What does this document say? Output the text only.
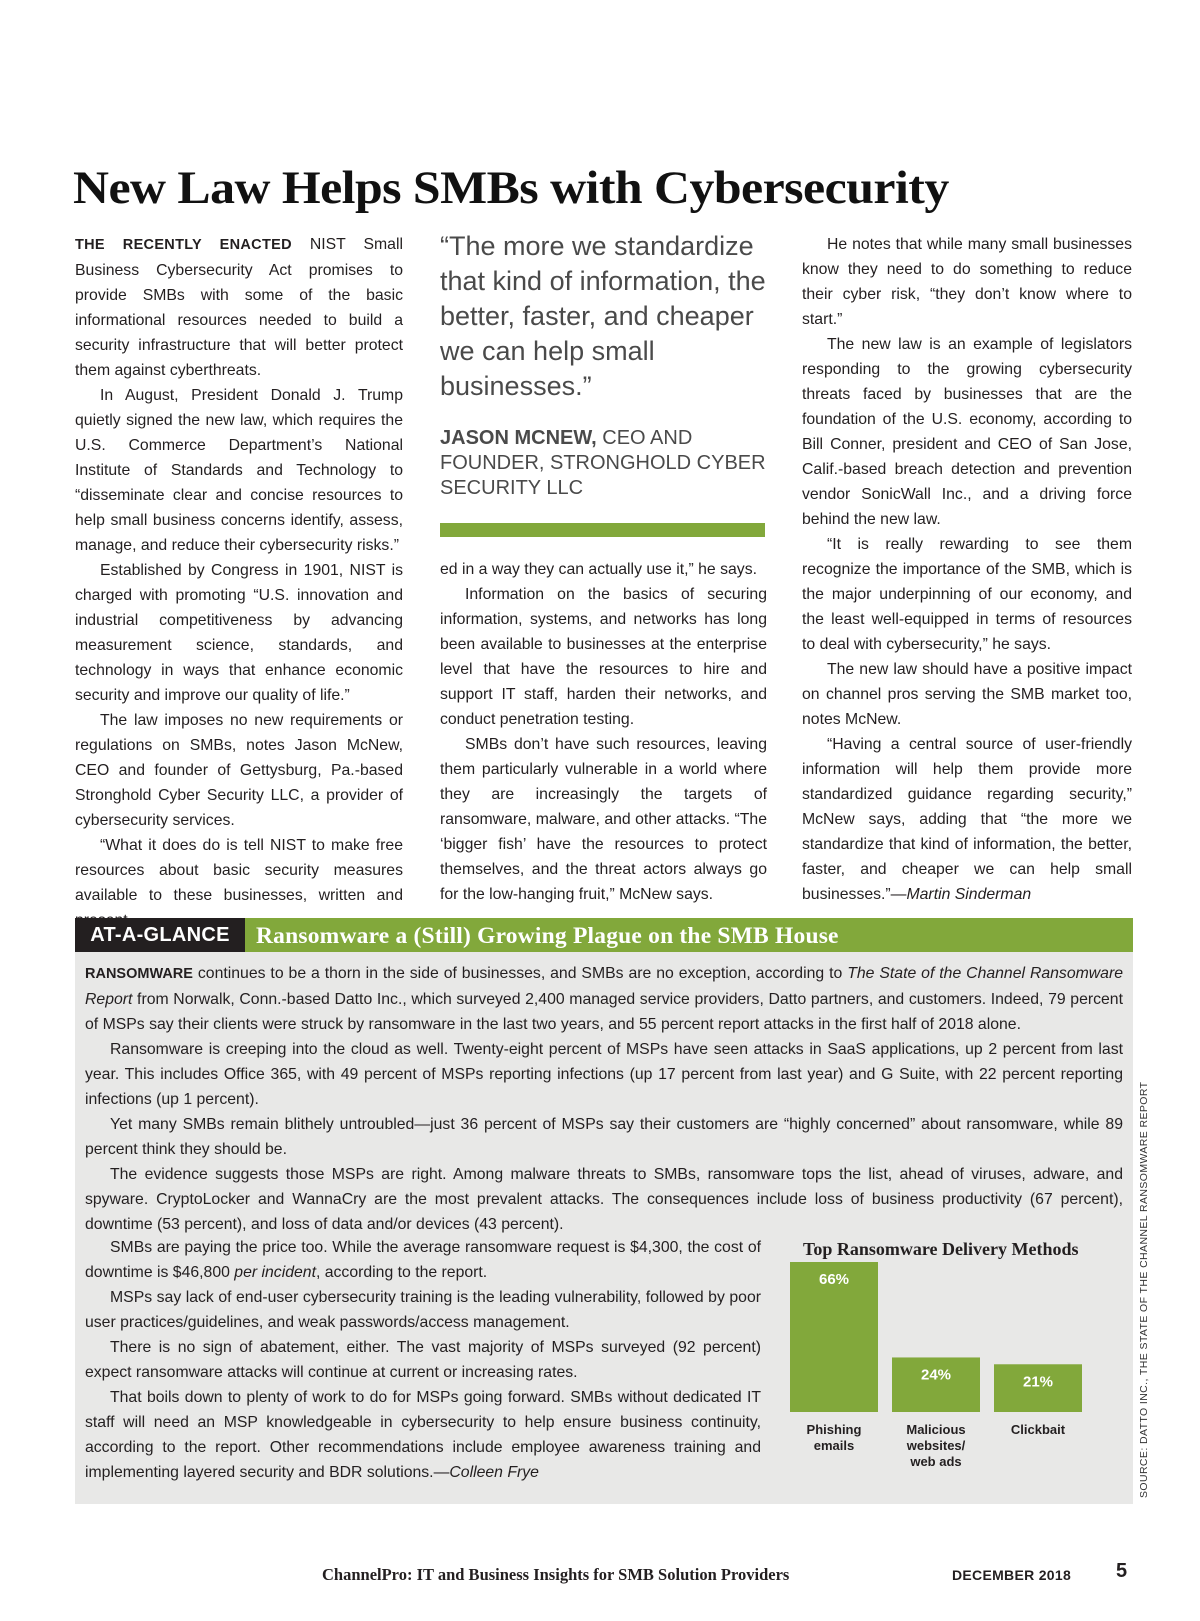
New Law Helps SMBs with Cybersecurity

THE RECENTLY ENACTED NIST Small Business Cybersecurity Act promises to provide SMBs with some of the basic informational resources needed to build a security infrastructure that will better protect them against cyberthreats.

In August, President Donald J. Trump quietly signed the new law, which requires the U.S. Commerce Department’s National Institute of Standards and Technology to “disseminate clear and concise resources to help small business concerns identify, assess, manage, and reduce their cybersecurity risks.”

Established by Congress in 1901, NIST is charged with promoting “U.S. innovation and industrial competitiveness by advancing measurement science, standards, and technology in ways that enhance economic security and improve our quality of life.”

The law imposes no new requirements or regulations on SMBs, notes Jason McNew, CEO and founder of Gettysburg, Pa.-based Stronghold Cyber Security LLC, a provider of cybersecurity services.

“What it does do is tell NIST to make free resources about basic security measures available to these businesses, written and

“The more we standardize that kind of information, the better, faster, and cheaper we can help small businesses.”
JASON MCNEW, CEO AND FOUNDER, STRONGHOLD CYBER SECURITY LLC

ed in a way they can actually use it,” he says.

Information on the basics of securing information, systems, and networks has long been available to businesses at the enterprise level that have the resources to hire and support IT staff, harden their networks, and conduct penetration testing.

SMBs don’t have such resources, leaving them particularly vulnerable in a world where they are increasingly the targets of ransomware, malware, and other attacks. “The ‘bigger fish’ have the resources to protect themselves, and the threat actors always go for the low-hanging fruit,” McNew says.

He notes that while many small businesses know they need to do something to reduce their cyber risk, “they don’t know where to start.”

The new law is an example of legislators responding to the growing cybersecurity threats faced by businesses that are the foundation of the U.S. economy, according to Bill Conner, president and CEO of San Jose, Calif.-based breach detection and prevention vendor SonicWall Inc., and a driving force behind the new law.

“It is really rewarding to see them recognize the importance of the SMB, which is the major underpinning of our economy, and the least well-equipped in terms of resources to deal with cybersecurity,” he says.

The new law should have a positive impact on channel pros serving the SMB market too, notes McNew.

“Having a central source of user-friendly information will help them provide more standardized guidance regarding security,” McNew says, adding that “the more we standardize that kind of information, the better, faster, and cheaper we can help small businesses.”—Martin Sinderman

AT-A-GLANCE	Ransomware a (Still) Growing Plague on the SMB House

RANSOMWARE continues to be a thorn in the side of businesses, and SMBs are no exception, according to The State of the Channel Ransomware Report from Norwalk, Conn.-based Datto Inc., which surveyed 2,400 managed service providers, Datto partners, and customers. Indeed, 79 percent of MSPs say their clients were struck by ransomware in the last two years, and 55 percent report attacks in the first half of 2018 alone.

Ransomware is creeping into the cloud as well. Twenty-eight percent of MSPs have seen attacks in SaaS applications, up 2 percent from last year. This includes Office 365, with 49 percent of MSPs reporting infections (up 17 percent from last year) and G Suite, with 22 percent reporting infections (up 1 percent).

Yet many SMBs remain blithely untroubled—just 36 percent of MSPs say their customers are “highly concerned” about ransomware, while 89 percent think they should be.

The evidence suggests those MSPs are right. Among malware threats to SMBs, ransomware tops the list, ahead of viruses, adware, and spyware. CryptoLocker and WannaCry are the most prevalent attacks. The consequences include loss of business productivity (67 percent), downtime (53 percent), and loss of data and/or devices (43 percent).

SMBs are paying the price too. While the average ransomware request is $4,300, the cost of downtime is $46,800 per incident, according to the report.

MSPs say lack of end-user cybersecurity training is the leading vulnerability, followed by poor user practices/guidelines, and weak passwords/access management.

There is no sign of abatement, either. The vast majority of MSPs surveyed (92 percent) expect ransomware attacks will continue at current or increasing rates.

That boils down to plenty of work to do for MSPs going forward. SMBs without dedicated IT staff will need an MSP knowledgeable in cybersecurity to help ensure business continuity, according to the report. Other recommendations include employee awareness training and implementing layered security and BDR solutions.—Colleen Frye

Top Ransomware Delivery Methods
66%
Phishing emails
24%
Malicious websites/ web ads
21%
Clickbait	SOURCE: DATTO INC., THE STATE OF THE CHANNEL RANSOMWARE REPORT
ChannelPro: IT and Business Insights for SMB Solution Providers	DECEMBER 2018 5
